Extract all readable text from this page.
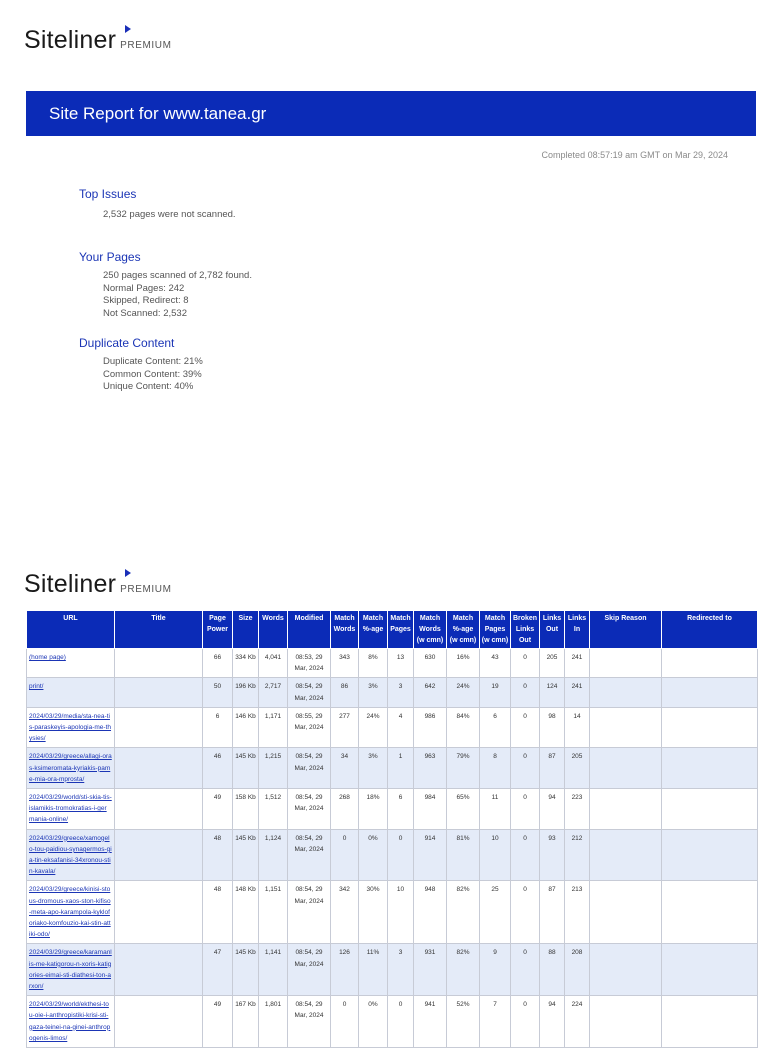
Siteliner PREMIUM
Site Report for www.tanea.gr
Completed 08:57:19 am GMT on Mar 29, 2024
Top Issues
2,532 pages were not scanned.
Your Pages
250 pages scanned of 2,782 found.
Normal Pages: 242
Skipped, Redirect: 8
Not Scanned: 2,532
Duplicate Content
Duplicate Content: 21%
Common Content: 39%
Unique Content: 40%
Siteliner PREMIUM
URL	Title	Page Power	Size	Words	Modified	Match Words	Match %-age	Match Pages	Match Words (w cmn)	Match %-age (w cmn)	Match Pages (w cmn)	Broken Links Out	Links Out	Links In	Skip Reason	Redirected to
(home page)		66	334 Kb	4,041	08:53, 29 Mar, 2024	343	8%	13	630	16%	43	0	205	241		
print/		50	196 Kb	2,717	08:54, 29 Mar, 2024	86	3%	3	642	24%	19	0	124	241		
2024/03/29/media/sta-nea-tis-paraskeyis-apologia-me-thysies/		6	146 Kb	1,171	08:55, 29 Mar, 2024	277	24%	4	986	84%	6	0	98	14		
2024/03/29/greece/allagi-oras-ksimeromata-kyriakis-pame-mia-ora-mprosta/		46	145 Kb	1,215	08:54, 29 Mar, 2024	34	3%	1	963	79%	8	0	87	205		
2024/03/29/world/sti-skia-tis-islamikis-tromokratias-i-germania-online/		49	158 Kb	1,512	08:54, 29 Mar, 2024	268	18%	6	984	65%	11	0	94	223		
2024/03/29/greece/xamogelo-tou-paidiou-synagermos-gia-tin-eksafanisi-34xronou-stin-kavala/		48	145 Kb	1,124	08:54, 29 Mar, 2024	0	0%	0	914	81%	10	0	93	212		
2024/03/29/greece/kinisi-stous-dromous-xaos-ston-kifiso-meta-apo-karampola-kykloforiako-komfouzio-kai-stin-attiki-odo/		48	148 Kb	1,151	08:54, 29 Mar, 2024	342	30%	10	948	82%	25	0	87	213		
2024/03/29/greece/karamanlis-me-katigorou-n-xoris-katigories-eimai-sti-diathesi-ton-arxon/		47	145 Kb	1,141	08:54, 29 Mar, 2024	126	11%	3	931	82%	9	0	88	208		
2024/03/29/world/ekthesi-tou-oie-i-anthropistiki-krisi-sti-gaza-teinei-na-ginei-anthropogenis-limos/		49	167 Kb	1,801	08:54, 29 Mar, 2024	0	0%	0	941	52%	7	0	94	224		
